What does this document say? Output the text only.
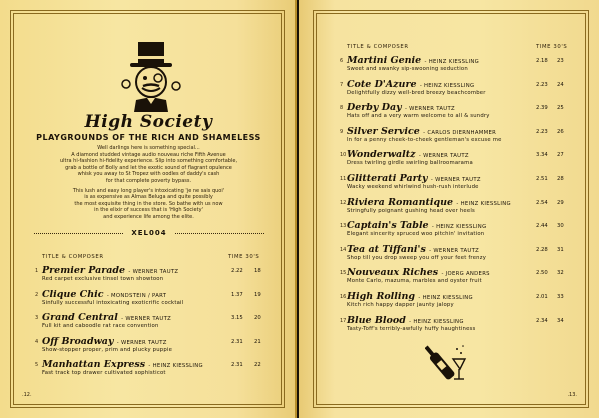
High Society
PLAYGROUNDS OF THE RICH AND SHAMELESS

Well darlings here is something special...
A diamond studded vintage audio nouveau riche Fifth Avenue
ultra hi-fashion hi-fidelity experience. Slip into something comfortable,
grab a bottle of Bolly and let the exotic sound of flagrant opulence
whisk you away to St Tropez with oodles of daddy's cash
for that complete poverty bypass.

This lush and easy long player's intoxicating 'je ne sais quoi'
is as expensive as Almas Beluga and quite possibly
the most exquisite thing in the store. So bathe with us now
in the elixir of success that is 'High Society'
and experience life among the elite.

XEL004
TITLE & COMPOSER	TIME 30'S
1 Premier Parade - WERNER TAUTZ
Red carpet exclusive tinsel town showtoon
2.22 18
2 Clique Chic - MONDSTEIN / PART
Sinfully successful intoxicating exoticrific cocktail
1.37 19
3 Grand Central - WERNER TAUTZ
Full kit and caboodle rat race convention
3.15 20
4 Off Broadway - WERNER TAUTZ
Show-stopper proper, prim and plucky puppie
2.31 21
5 Manhattan Express - HEINZ KIESSLING
Fast track top drawer cultivated sophisticot
2.31 22
.12.
TITLE & COMPOSER	TIME 30'S
6 Martini Genie - HEINZ KIESSLING
Sweet and swanky sip-swooning seduction
2.18 23
7 Cote D'Azure - HEINZ KIESSLING
Delightfully dizzy well-bred breezy beachcomber
2.23 24
8 Derby Day - WERNER TAUTZ
Hats off and a very warm welcome to all & sundry
2.39 25
9 Silver Service - CARLOS DIERNHAMMER
In for a penny cheek-to-cheek gentleman's excuse me
2.23 26
10 Wonderwaltz - WERNER TAUTZ
Dress twirling girdle swirling ballroomarama
3.34 27
11 Glitterati Party - WERNER TAUTZ
Wacky weekend whirlwind hush-rush interlude
2.51 28
12 Riviera Romantique - HEINZ KIESSLING
Stringfully poignant gushing head over heels
2.54 29
13 Captain's Table - HEINZ KIESSLING
Elegant sincerity spruced woo pitchin' invitation
2.44 30
14 Tea at Tiffani's - WERNER TAUTZ
Shop till you drop sweep you off your feet frenzy
2.28 31
15 Nouveaux Riches - JOERG ANDERS
Monte Carlo, mazuma, marbles and oyster fruit
2.50 32
16 High Rolling - HEINZ KIESSLING
Kitch rich happy dapper jaunty jalopy
2.01 33
17 Blue Blood - HEINZ KIESSLING
Tasty-Toff's terribly-awfully huffy haughtiness
2.34 34
.13.
